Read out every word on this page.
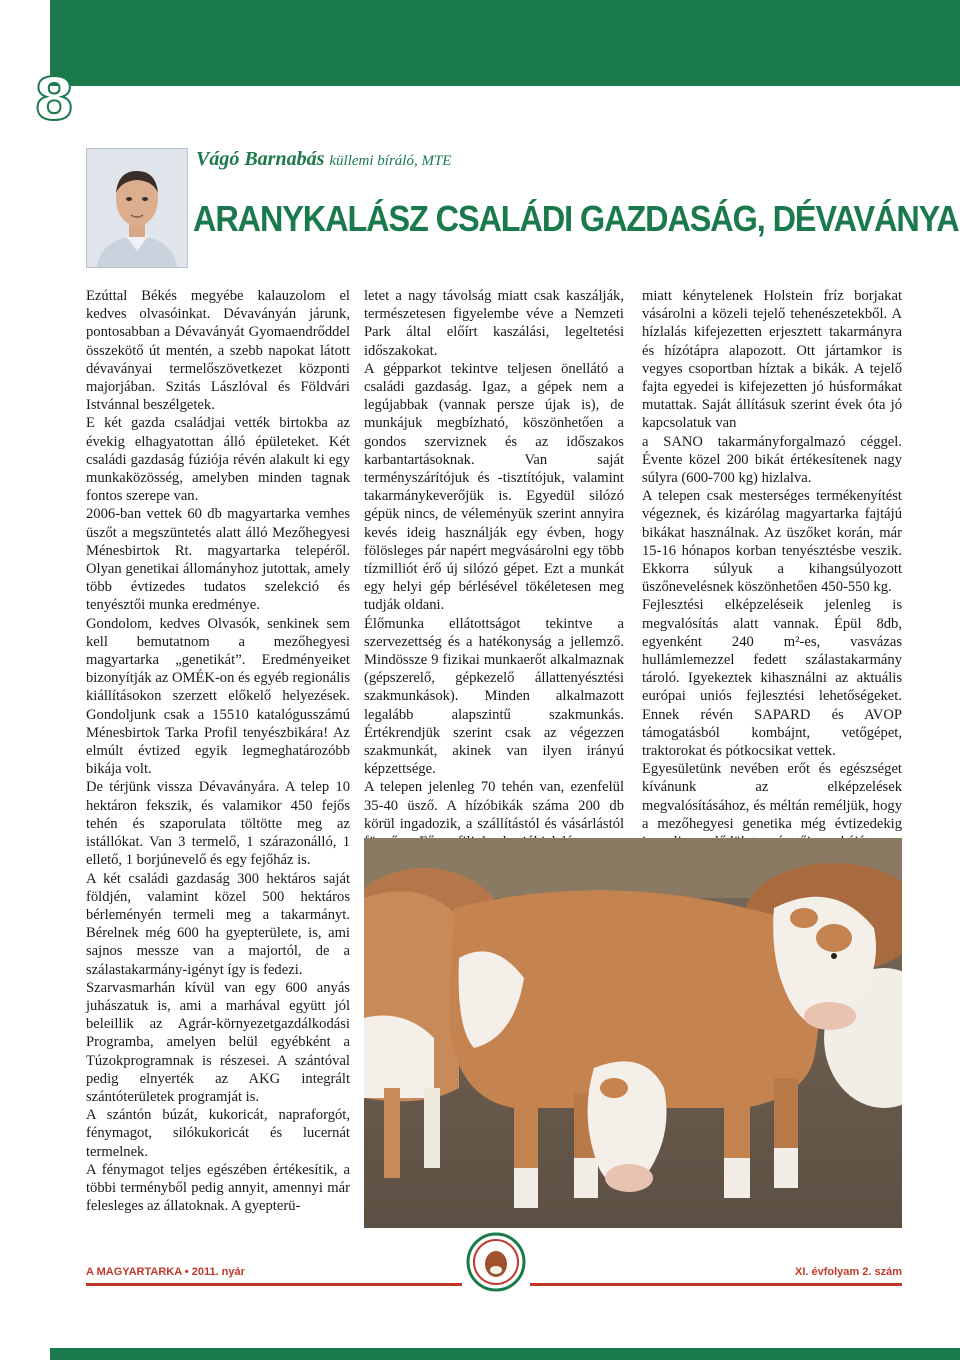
8
Vágó Barnabás küllemi bíráló, MTE
ARANYKALÁSZ CSALÁDI GAZDASÁG, DÉVAVÁNYA

Ezúttal Békés megyébe kalauzolom el kedves olvasóinkat. Dévaványán járunk, pontosabban a Dévaványát Gyomaendrőddel összekötő út mentén, a szebb napokat látott dévaványai termelőszövetkezet központi majorjában. Szitás Lászlóval és Földvári Istvánnal beszélgetek.

E két gazda családjai vették birtokba az évekig elhagyatottan álló épületeket. Két családi gazdaság fúziója révén alakult ki egy munkaközösség, amelyben minden tagnak fontos szerepe van.

2006-ban vettek 60 db magyartarka vemhes üszőt a megszüntetés alatt álló Mezőhegyesi Ménesbirtok Rt. magyartarka telepéről. Olyan genetikai állományhoz jutottak, amely több évtizedes tudatos szelekció és tenyésztői munka eredménye.

Gondolom, kedves Olvasók, senkinek sem kell bemutatnom a mezőhegyesi magyartarka „genetikát”. Eredményeiket bizonyítják az OMÉK-on és egyéb regionális kiállításokon szerzett előkelő helyezések. Gondoljunk csak a 15510 katalógusszámú Ménesbirtok Tarka Profil tenyészbikára! Az elmúlt évtized egyik legmeghatározóbb bikája volt.

De térjünk vissza Dévaványára. A telep 10 hektáron fekszik, és valamikor 450 fejős tehén és szaporulata töltötte meg az istállókat. Van 3 termelő, 1 szárazonálló, 1 ellető, 1 borjúnevelő és egy fejőház is.

A két családi gazdaság 300 hektáros saját földjén, valamint közel 500 hektáros bérleményén termeli meg a takarmányt. Bérelnek még 600 ha gyepterülete, is, ami sajnos messze van a majortól, de a szálastakarmány-igényt így is fedezi.

Szarvasmarhán kívül van egy 600 anyás juhászatuk is, ami a marhával együtt jól beleillik az Agrár-környezetgazdálkodási Programba, amelyen belül egyébként a Túzokprogramnak is részesei. A szántóval pedig elnyerték az AKG integrált szántóterületek programját is.

A szántón búzát, kukoricát, napraforgót, fénymagot, silókukoricát és lucernát termelnek.

A fénymagot teljes egészében értékesítik, a többi terményből pedig annyit, amennyi már felesleges az állatoknak. A gyepterü-

letet a nagy távolság miatt csak kaszálják, természetesen figyelembe véve a Nemzeti Park által előírt kaszálási, legeltetési időszakokat.

A gépparkot tekintve teljesen önellátó a családi gazdaság. Igaz, a gépek nem a legújabbak (vannak persze újak is), de munkájuk megbízható, köszönhetően a gondos szerviznek és az időszakos karbantartásoknak. Van saját terményszárítójuk és -tisztítójuk, valamint takarmánykeverőjük is. Egyedül silózó gépük nincs, de véleményük szerint annyira kevés ideig használják egy évben, hogy fölösleges pár napért megvásárolni egy több tízmilliót érő új silózó gépet. Ezt a munkát egy helyi gép bérlésével tökéletesen meg tudják oldani.

Élőmunka ellátottságot tekintve a szervezettség és a hatékonyság a jellemző. Mindössze 9 fizikai munkaerőt alkalmaznak (gépszerelő, gépkezelő állattenyésztési szakmunkások). Minden alkalmazott legalább alapszintű szakmunkás. Értékrendjük szerint csak az végezzen szakmunkát, akinek van ilyen irányú képzettsége.

A telepen jelenleg 70 tehén van, ezenfelül 35-40 üsző. A hízóbikák száma 200 db körül ingadozik, a szállítástól és vásárlástól

miatt kénytelenek Holstein fríz borjakat vásárolni a közeli tejelő tehenészetekből. A hízlalás kifejezetten erjesztett takarmányra és hízótápra alapozott. Ott jártamkor is vegyes csoportban híztak a bikák. A tejelő fajta egyedei is kifejezetten jó húsformákat mutattak. Saját állításuk szerint évek óta jó kapcsolatuk van

a SANO takarmányforgalmazó céggel. Évente közel 200 bikát értékesítenek nagy súlyra (600-700 kg) hizlalva.

A telepen csak mesterséges termékenyítést végeznek, és kizárólag magyartarka fajtájú bikákat használnak. Az üszőket korán, már 15-16 hónapos korban tenyésztésbe veszik. Ekkorra súlyuk a kihangsúlyozott üszőnevelésnek köszönhetően 450-550 kg.

Fejlesztési elképzeléseik jelenleg is megvalósítás alatt vannak. Épül 8db, egyenként 240 m²-es, vasvázas hullámlemezzel fedett szálastakarmány tároló. Igyekeztek kihasználni az aktuális európai uniós fejlesztési lehetőségeket. Ennek révén SAPARD és AVOP támogatásból kombájnt, vetőgépet, traktorokat és pótkocsikat vettek.

Egyesületünk nevében erőt és egészséget kívánunk az elképzelések megvalósításához, és méltán reméljük, hogy a mezőhegyesi genetika még évtizedekig

A MAGYARTARKA • 2011. nyár	XI. évfolyam 2. szám
